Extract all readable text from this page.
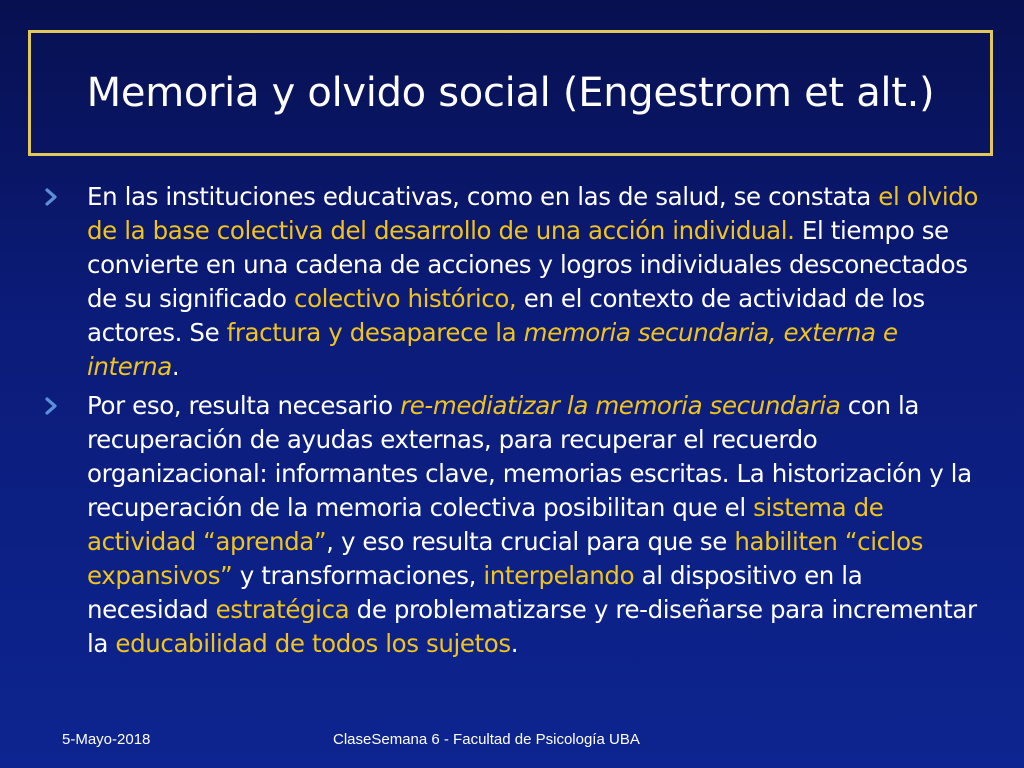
Memoria y olvido social (Engestrom et alt.)
En las instituciones educativas, como en las de salud, se constata el olvido de la base colectiva del desarrollo de una acción individual. El tiempo se convierte en una cadena de acciones y logros individuales desconectados de su significado colectivo histórico, en el contexto de actividad de los actores. Se fractura y desaparece la memoria secundaria, externa e interna.
Por eso, resulta necesario re-mediatizar la memoria secundaria con la recuperación de ayudas externas, para recuperar el recuerdo organizacional: informantes clave, memorias escritas. La historización y la recuperación de la memoria colectiva posibilitan que el sistema de actividad “aprenda”, y eso resulta crucial para que se habiliten “ciclos expansivos” y transformaciones, interpelando al dispositivo en la necesidad estratégica de problematizarse y re-diseñarse para incrementar la educabilidad de todos los sujetos.
5-Mayo-2018	ClaseSemana 6 - Facultad de Psicología UBA
